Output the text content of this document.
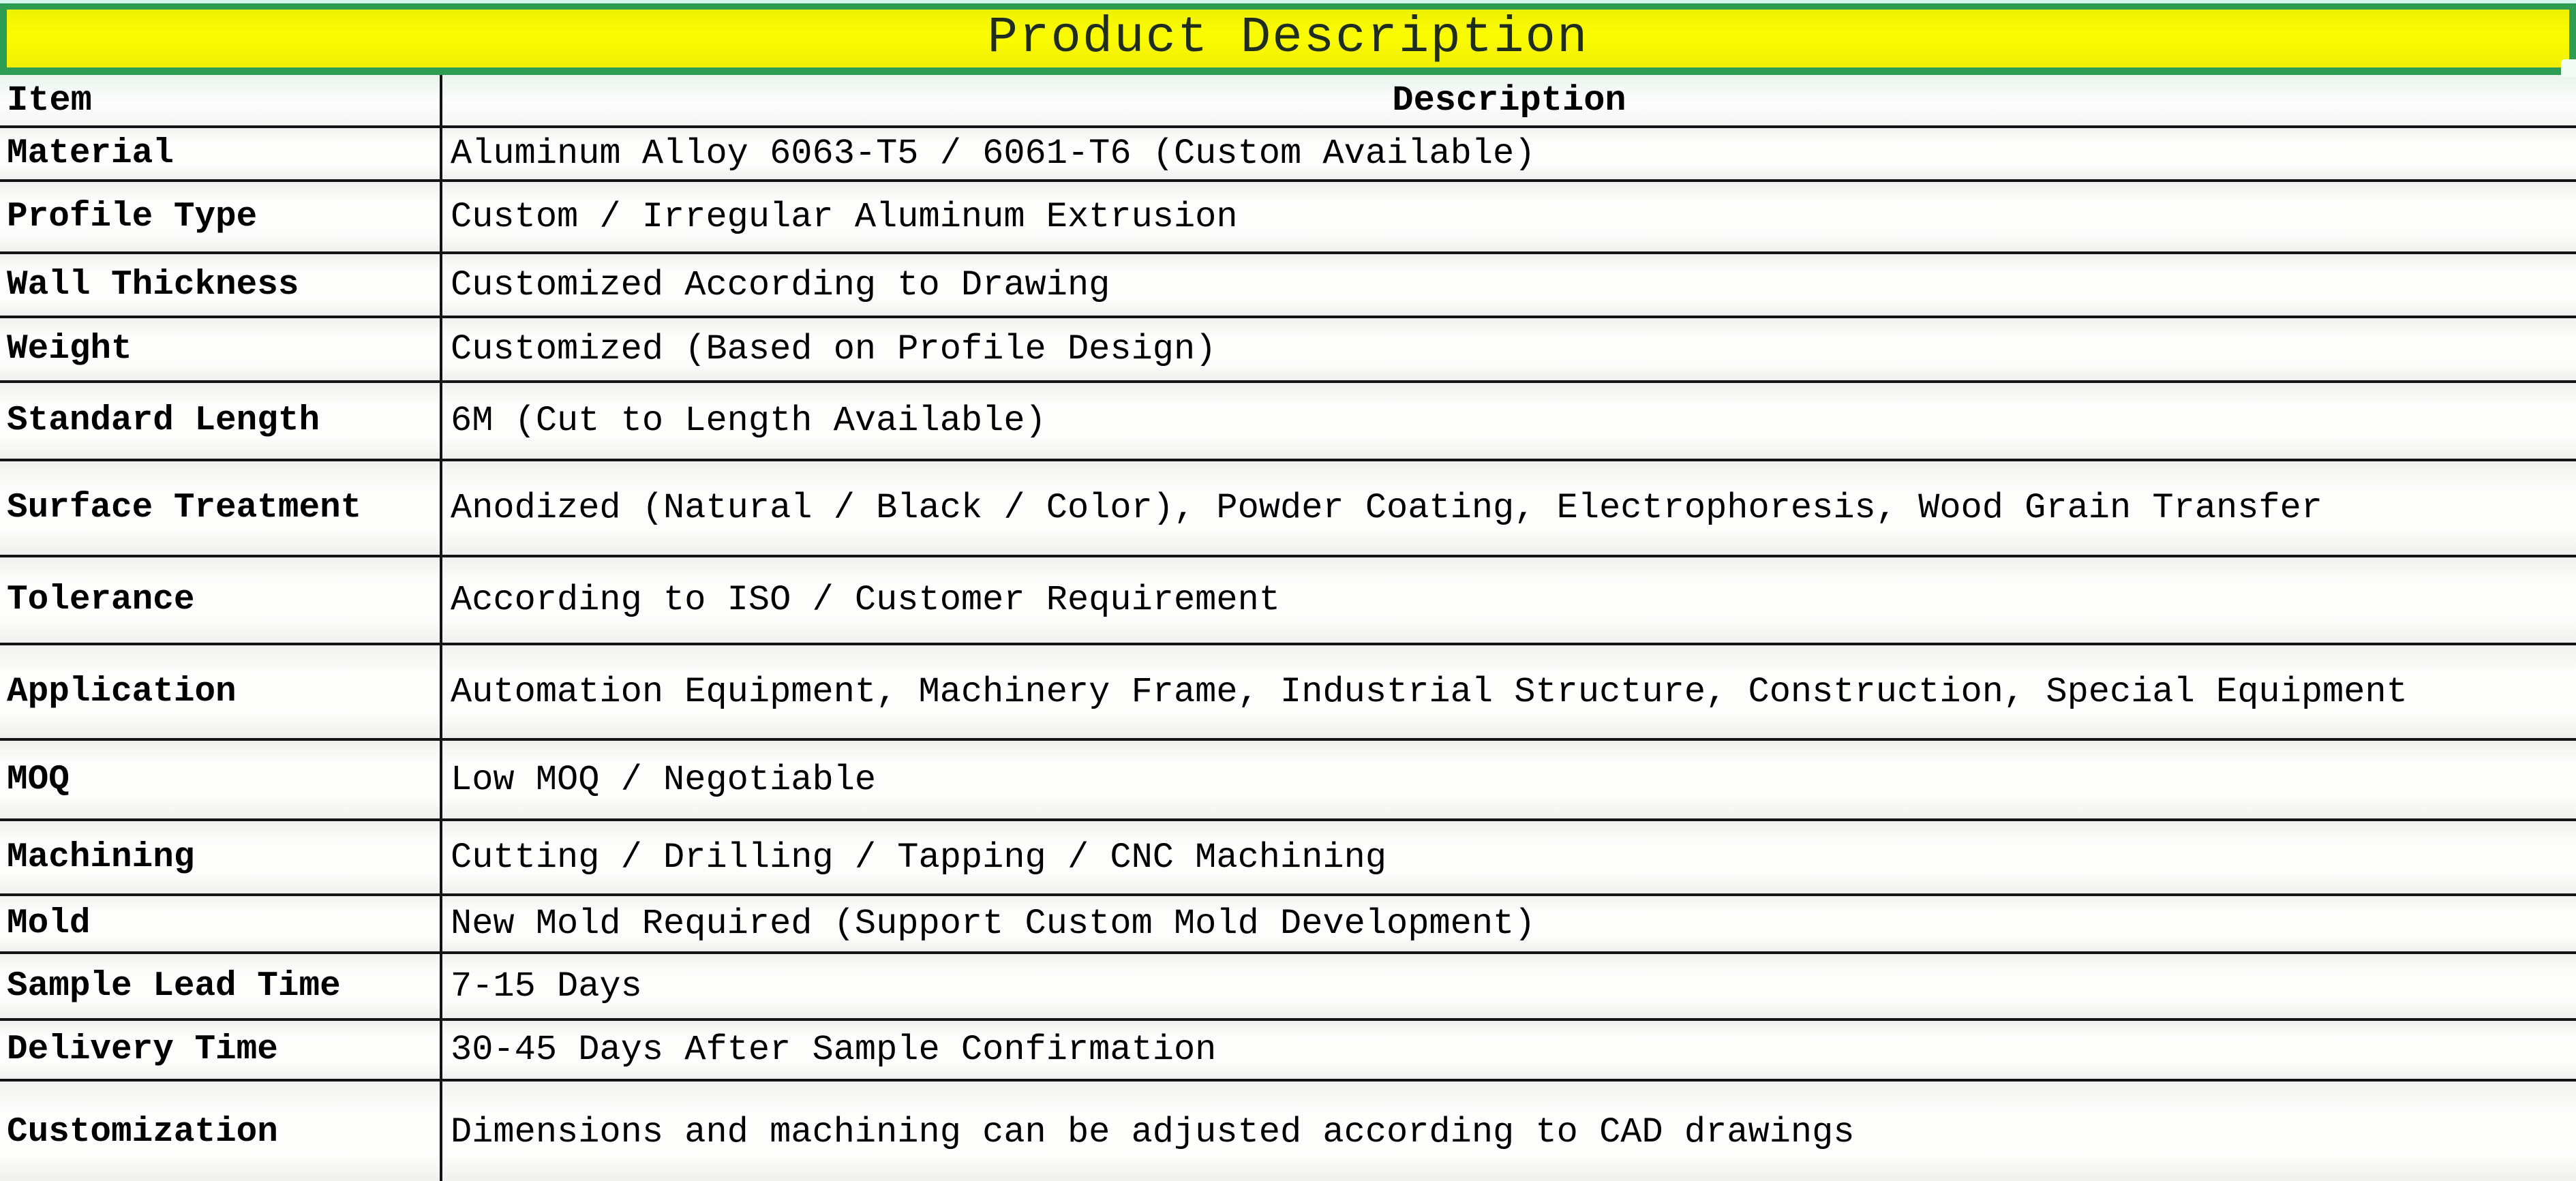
Product Description
Item	Description
Material	Aluminum Alloy 6063-T5 / 6061-T6 (Custom Available)
Profile Type	Custom / Irregular Aluminum Extrusion
Wall Thickness	Customized According to Drawing
Weight	Customized (Based on Profile Design)
Standard Length	6M (Cut to Length Available)
Surface Treatment	Anodized (Natural / Black / Color), Powder Coating, Electrophoresis, Wood Grain Transfer
Tolerance	According to ISO / Customer Requirement
Application	Automation Equipment, Machinery Frame, Industrial Structure, Construction, Special Equipment
MOQ	Low MOQ / Negotiable
Machining	Cutting / Drilling / Tapping / CNC Machining
Mold	New Mold Required (Support Custom Mold Development)
Sample Lead Time	7-15 Days
Delivery Time	30-45 Days After Sample Confirmation
Customization	Dimensions and machining can be adjusted according to CAD drawings
